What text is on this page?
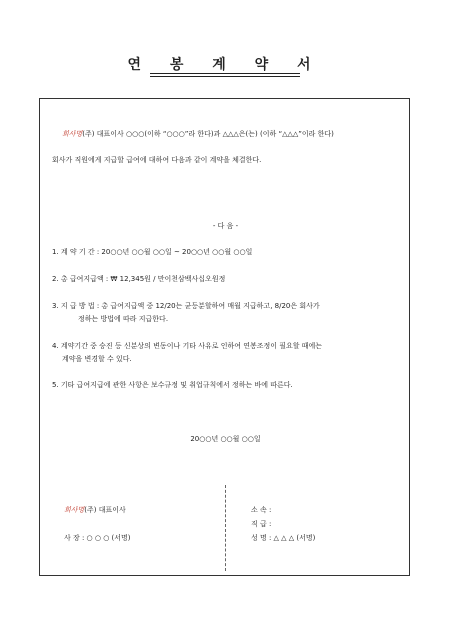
연 봉 계 약 서
회사명(주) 대표이사 ○○○(이하 “○○○”라 한다)과 △△△은(는) (이하 “△△△”이라 한다)
회사가 직원에게 지급할 급여에 대하여 다음과 같이 계약을 체결한다.
- 다 음 -
1. 계 약 기 간 : 20○○년 ○○월 ○○일 ~ 20○○년 ○○월 ○○일
2. 총 급여지급액 : ₩ 12,345원 / 만이천삼백사십오원정
3. 지 급 방 법 : 총 급여지급액 중 12/20는 균등분할하여 매월 지급하고, 8/20은 회사가
정하는 방법에 따라 지급한다.
4. 계약기간 중 승진 등 신분상의 변동이나 기타 사유로 인하여 연봉조정이 필요할 때에는
계약을 변경할 수 있다.
5. 기타 급여지급에 관한 사항은 보수규정 및 취업규칙에서 정하는 바에 따른다.
20○○년 ○○월 ○○일
회사명(주) 대표이사
사 장 : ○ ○ ○ (서명)
소 속 :
직 급 :
성 명 : △ △ △ (서명)
